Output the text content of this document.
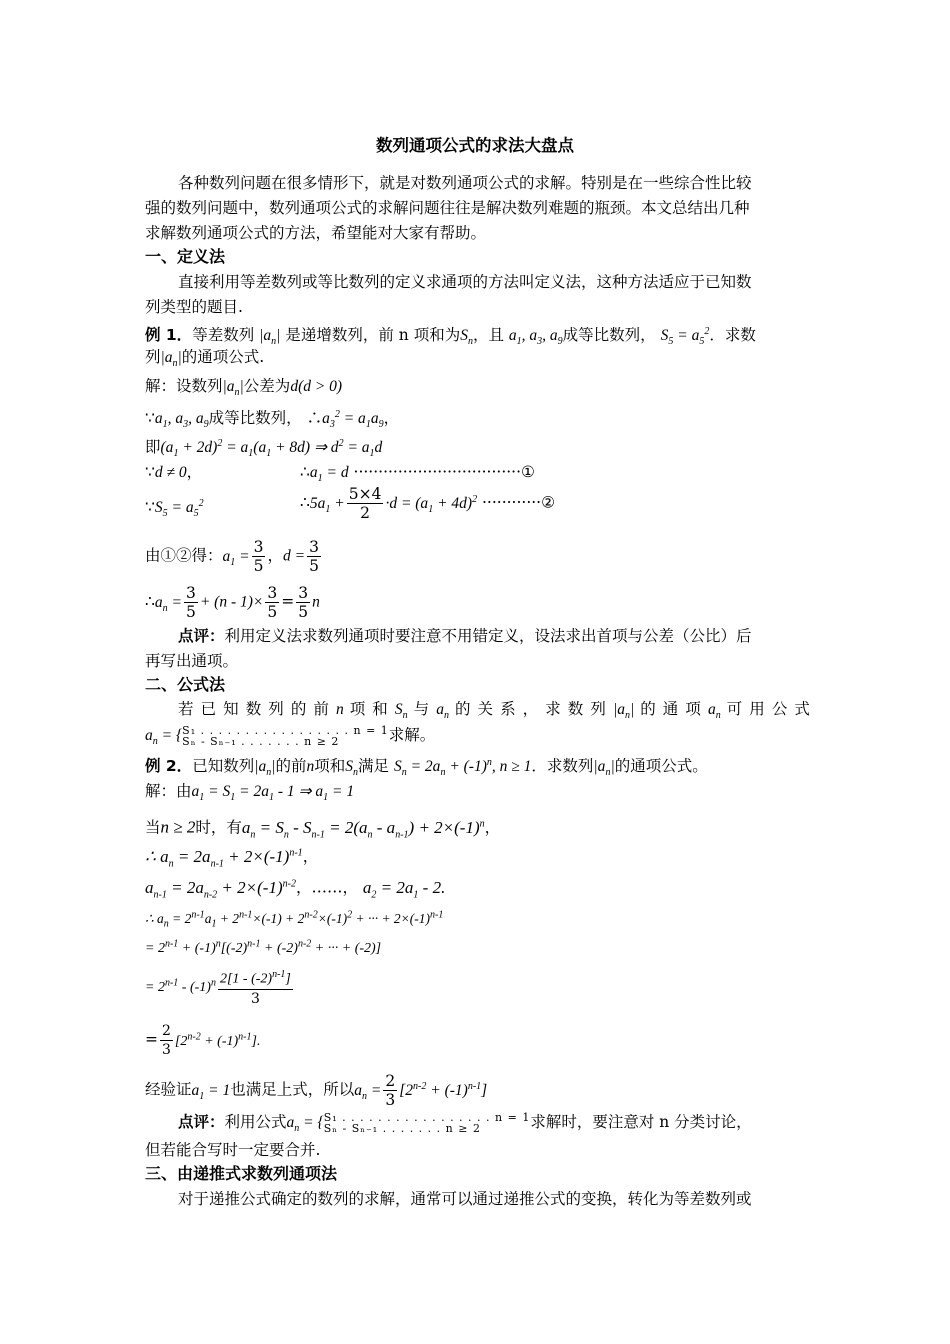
数列通项公式的求法大盘点
各种数列问题在很多情形下，就是对数列通项公式的求解。特别是在一些综合性比较
强的数列问题中，数列通项公式的求解问题往往是解决数列难题的瓶颈。本文总结出几种
求解数列通项公式的方法，希望能对大家有帮助。
一、定义法
直接利用等差数列或等比数列的定义求通项的方法叫定义法，这种方法适应于已知数
列类型的题目.
例 1．等差数列 $|a_n|$ 是递增数列，前 n 项和为$S_n$，且 $a_1$, $a_3$, $a_9$成等比数列， $S_5 = a_5^2$．求数
列$|a_n|$的通项公式.
解：设数列$|a_n|$公差为d(d > 0)
$\because a_1$, $a_3$, $a_9$成等比数列， $\therefore a_3^2 = a_1a_9$，
即$(a_1 + 2d)^2 = a_1(a_1 + 8d)$ ⇒ $d^2 = a_1d$
∵d ≠ 0，	$\therefore a_1 = d$ ··································①
$\because S_5 = a_5^2$	$\therefore 5a_1 + \frac{5\times 4}{2} \cdot d = (a_1 + 4d)^2$ ············②
由①②得：$a_1 = \frac{3}{5}$ ，$d = \frac{3}{5}$
$\therefore a_n = \frac{3}{5} + (n - 1)\times \frac{3}{5} = \frac{3}{5}$ n
点评：利用定义法求数列通项时要注意不用错定义，设法求出首项与公差（公比）后
再写出通项。
二、公式法
若 已 知 数 列 的 前 n 项 和 $S_n$ 与 $a_n$ 的 关 系 ， 求 数 列 $|a_n|$ 的 通 项 $a_n$ 可 用 公 式
$a_n = \{S_1$ . . . . . . . . . . . . . . . . . n = 1
Sₙ - Sₙ₋₁ . . . . . . . n ≥ 2	求解。
例 2．已知数列$|a_n|$的前n项和$S_n$满足 $S_n = 2a_n + (-1)^n$, n ≥ 1．求数列$|a_n|$的通项公式。
解：由$a_1 = S_1 = 2a_1 - 1$ ⇒ $a_1 = 1$
当n ≥ 2时，有$a_n = S_n - S_{n-1} = 2(a_n - a_{n-1}) + 2\times(-1)^n$，
∴ $a_n = 2a_{n-1} + 2\times(-1)^{n-1}$，
$a_{n-1} = 2a_{n-2} + 2\times(-1)^{n-2}$，……， $a_2 = 2a_1 - 2$.
∴ $a_n = 2^{n-1}a_1 + 2^{n-1}\times(-1) + 2^{n-2}\times(-1)^2$ + ··· + $2\times(-1)^{n-1}$
= $2^{n-1} + (-1)^n[(-2)^{n-1} + (-2)^{n-2}$ + ··· + (-2)]
= $2^{n-1} - (-1)^n \frac{2[1 - (-2)^{n-1}]}{3}$
= $\frac{2}{3} [2^{n-2} + (-1)^{n-1}]$.
经验证$a_1 = 1$也满足上式，所以$a_n = \frac{2}{3} [2^{n-2} + (-1)^{n-1}]$
点评：利用公式$a_n = \{S_1$ . . . . . . . . . . . . . . . . . n = 1
Sₙ - Sₙ₋₁ . . . . . . . n ≥ 2	求解时，要注意对 n 分类讨论，
但若能合写时一定要合并.
三、由递推式求数列通项法
对于递推公式确定的数列的求解，通常可以通过递推公式的变换，转化为等差数列或
